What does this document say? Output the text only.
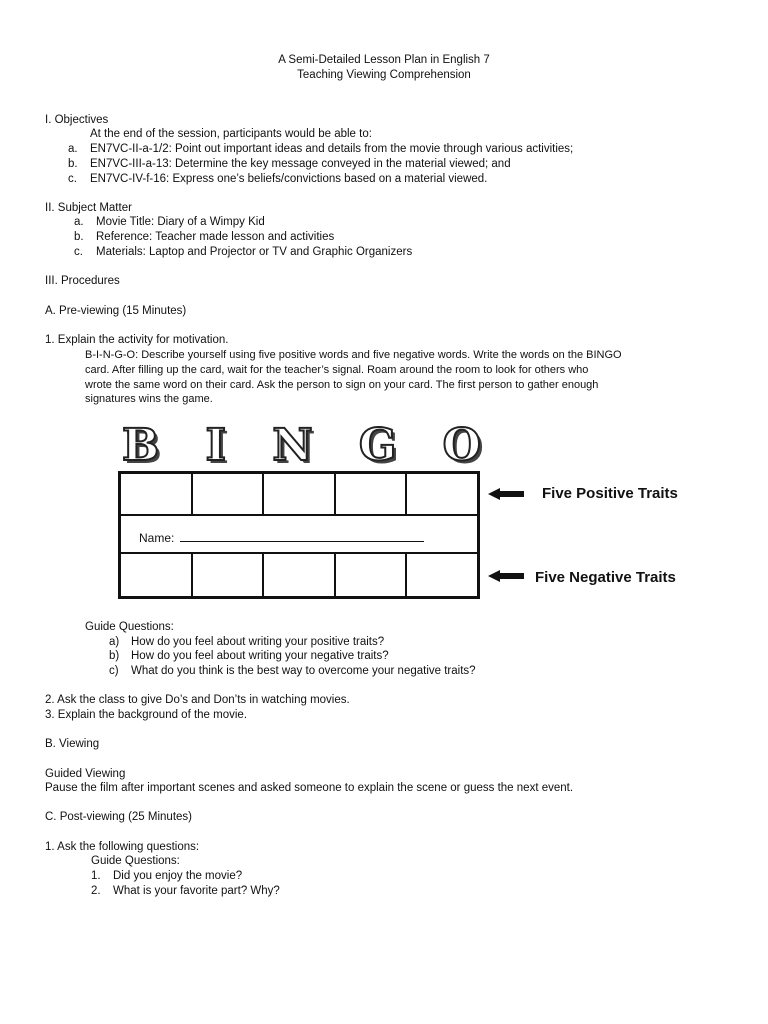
A Semi-Detailed Lesson Plan in English 7
Teaching Viewing Comprehension
I. Objectives
At the end of the session, participants would be able to:
a. EN7VC-II-a-1/2: Point out important ideas and details from the movie through various activities;
b. EN7VC-III-a-13: Determine the key message conveyed in the material viewed; and
c. EN7VC-IV-f-16: Express one’s beliefs/convictions based on a material viewed.
II. Subject Matter
a. Movie Title: Diary of a Wimpy Kid
b. Reference: Teacher made lesson and activities
c. Materials: Laptop and Projector or TV and Graphic Organizers
III. Procedures
A. Pre-viewing (15 Minutes)
1. Explain the activity for motivation.
B-I-N-G-O: Describe yourself using five positive words and five negative words. Write the words on the BINGO
card. After filling up the card, wait for the teacher’s signal. Roam around the room to look for others who
wrote the same word on their card. Ask the person to sign on your card. The first person to gather enough
signatures wins the game.
B I N G O
Name:
Five Positive Traits
Five Negative Traits
Guide Questions:
a) How do you feel about writing your positive traits?
b) How do you feel about writing your negative traits?
c) What do you think is the best way to overcome your negative traits?
2. Ask the class to give Do’s and Don’ts in watching movies.
3. Explain the background of the movie.
B. Viewing
Guided Viewing
Pause the film after important scenes and asked someone to explain the scene or guess the next event.
C. Post-viewing (25 Minutes)
1. Ask the following questions:
Guide Questions:
1. Did you enjoy the movie?
2. What is your favorite part? Why?
